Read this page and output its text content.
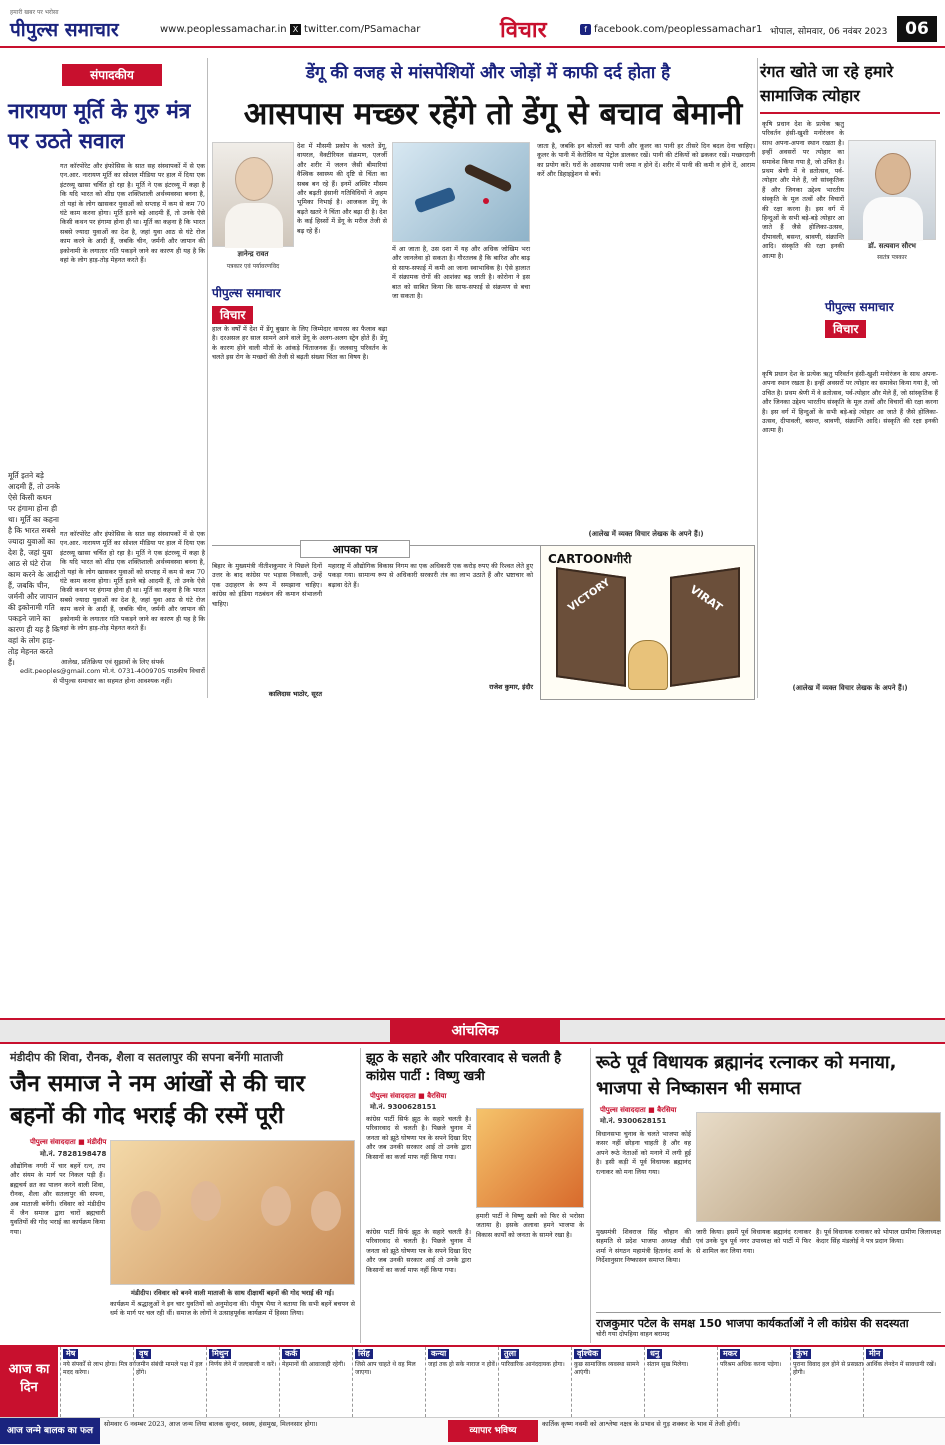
हमारी खबर पर भरोसा
पीपुल्स समाचार	www.peoplessamachar.in X twitter.com/PSamachar	विचार	f facebook.com/peoplessamachar1 भोपाल, सोमवार, 06 नवंबर 2023	06
संपादकीय
नारायण मूर्ति के गुरु मंत्र पर उठते सवाल
गत कॉरपोरेट और इंफोसिस के सात सह संस्थापकों में से एक एन.आर. नारायण मूर्ति का सोशल मीडिया पर हाल में दिया एक इंटरव्यू खासा चर्चित हो रहा है। मूर्ति ने एक इंटरव्यू में कहा है कि यदि भारत को शीघ्र एक शक्तिशाली अर्थव्यवस्था बनना है, तो यहां के लोग खासकर युवाओं को सप्ताह में कम से कम 70 घंटे काम करना होगा। मूर्ति इतने बड़े आदमी हैं, तो उनके ऐसे किसी कथन पर हंगामा होना ही था। मूर्ति का कहना है कि भारत सबसे ज्यादा युवाओं का देश है, जहां युवा आठ से घंटे रोज काम करने के आदी हैं, जबकि चीन, जर्मनी और जापान की इकोनामी के लगातार गति पकड़ने जाने का कारण ही यह है कि वहां के लोग हाड़-तोड़ मेहनत करते हैं।
मूर्ति इतने बड़े आदमी हैं, तो उनके ऐसे किसी कथन पर हंगामा होना ही था। मूर्ति का कहना है कि भारत सबसे ज्यादा युवाओं का देश है, जहां युवा आठ से घंटे रोज काम करने के आदी हैं, जबकि चीन, जर्मनी और जापान की इकोनामी गति पकड़ने जाने का कारण ही यह है कि वहां के लोग हाड़-तोड़ मेहनत करते हैं।
गत कॉरपोरेट और इंफोसिस के सात सह संस्थापकों में से एक एन.आर. नारायण मूर्ति का सोशल मीडिया पर हाल में दिया एक इंटरव्यू खासा चर्चित हो रहा है। मूर्ति ने एक इंटरव्यू में कहा है कि यदि भारत को शीघ्र एक शक्तिशाली अर्थव्यवस्था बनना है, तो यहां के लोग खासकर युवाओं को सप्ताह में कम से कम 70 घंटे काम करना होगा। मूर्ति इतने बड़े आदमी हैं, तो उनके ऐसे किसी कथन पर हंगामा होना ही था। मूर्ति का कहना है कि भारत सबसे ज्यादा युवाओं का देश है, जहां युवा आठ से घंटे रोज काम करने के आदी हैं, जबकि चीन, जर्मनी और जापान की इकोनामी के लगातार गति पकड़ने जाने का कारण ही यह है कि वहां के लोग हाड़-तोड़ मेहनत करते हैं।
आलेख, प्रतिक्रिया एवं सुझावों के लिए संपर्क edit.peoples@gmail.com मो.नं. 0731-4009705 पाठकीय विचारों से पीपुल्स समाचार का सहमत होना आवश्यक नहीं।
डेंगू की वजह से मांसपेशियों और जोड़ों में काफी दर्द होता है
आसपास मच्छर रहेंगे तो डेंगू से बचाव बेमानी
ज्ञानेन्द्र रावत
पत्रकार एवं पर्यावरणविद
देश में मौसमी प्रकोप के चलते डेंगू, वायरल, वैक्टीरियल संक्रमण, एलर्जी और शरीर में जलन जैसी बीमारियां वैश्विक स्वास्थ्य की दृष्टि से चिंता का सबब बन रहे हैं। इनमें अस्थिर मौसम और बढ़ती इंसानी गतिविधियों ने अहम भूमिका निभाई है। आजकल डेंगू के बढ़ते खतरे ने चिंता और बढ़ा दी है। देश के कई हिस्सों में डेंगू के मरीज तेजी से बढ़ रहे हैं।
पीपुल्स समाचार
विचार
हाल के वर्षों में देश में डेंगू बुखार के लिए जिम्मेदार वायरस का फैलाव बढ़ा है। दरअसल हर साल सामने आने वाले डेंगू के अलग-अलग स्ट्रेन होते हैं। डेंगू के कारण होने वाली मौतों के आंकड़े चिंताजनक हैं। जलवायु परिवर्तन के चलते इस रोग के मच्छरों की तेजी से बढ़ती संख्या चिंता का विषय है।
में आ जाता है, उस दशा में यह और अधिक जोखिम भरा और जानलेवा हो सकता है। गौरतलब है कि बारिश और बाढ़ से साफ-सफाई में कमी आ जाना स्वाभाविक है। ऐसे हालात में संक्रामक रोगों की आशंका बढ़ जाती है। कोरोना ने इस बात को साबित किया कि साफ-सफाई से संक्रमण से बचा जा सकता है।
जाता है, जबकि इन बोतलों का पानी और कूलर का पानी हर तीसरे दिन बदल देना चाहिए। कूलर के पानी में केरोसिन या पेट्रोल डालकर रखें। पानी की टंकियों को ढककर रखें। मच्छरदानी का प्रयोग करें। घरों के आसपास पानी जमा न होने दें। शरीर में पानी की कमी न होने दें, आराम करें और डिहाइड्रेशन से बचें।
(आलेख में व्यक्त विचार लेखक के अपने हैं।)
रंगत खोते जा रहे हमारे सामाजिक त्योहार
डॉ. सत्यवान सौरभ
स्वतंत्र पत्रकार
पीपुल्स समाचार
विचार
कृषि प्रधान देश के प्रत्येक ऋतु परिवर्तन हंसी-खुशी मनोरंजन के साथ अपना-अपना स्थान रखता है। इन्हीं अवसरों पर त्योहार का समावेश किया गया है, जो उचित है। प्रथम श्रेणी में वे व्रतोत्सव, पर्व-त्योहार और मेले हैं, जो सांस्कृतिक हैं और जिनका उद्देश्य भारतीय संस्कृति के मूल तत्वों और विचारों की रक्षा करना है। इस वर्ग में हिन्दुओं के सभी बड़े-बड़े त्योहार आ जाते हैं जैसे होलिका-उत्सव, दीपावली, बसन्त, श्रावणी, संक्रान्ति आदि। संस्कृति की रक्षा इनकी आत्मा है।
कृषि प्रधान देश के प्रत्येक ऋतु परिवर्तन हंसी-खुशी मनोरंजन के साथ अपना-अपना स्थान रखता है। इन्हीं अवसरों पर त्योहार का समावेश किया गया है, जो उचित है। प्रथम श्रेणी में वे व्रतोत्सव, पर्व-त्योहार और मेले हैं, जो सांस्कृतिक हैं और जिनका उद्देश्य भारतीय संस्कृति के मूल तत्वों और विचारों की रक्षा करना है। इस वर्ग में हिन्दुओं के सभी बड़े-बड़े त्योहार आ जाते हैं जैसे होलिका-उत्सव, दीपावली, बसन्त, श्रावणी, संक्रान्ति आदि। संस्कृति की रक्षा इनकी आत्मा है।
(आलेख में व्यक्त विचार लेखक के अपने हैं।)
आपका पत्र
बिहार के मुख्यमंत्री नीतीशकुमार ने पिछले दिनों उत्तर के बाद कांग्रेस पर भड़ास निकाली, उन्हें एक उदाहरण के रूप में समझाना चाहिए। कांग्रेस को इंडिया गठबंधन की कमान संभालनी चाहिए।
कालिदास भाठोर, सूरत
महाराष्ट्र में औद्योगिक विकास निगम का एक अधिकारी एक करोड़ रुपए की रिश्वत लेते हुए पकड़ा गया। सामान्य रूप से अधिकारी सरकारी तंत्र का लाभ उठाते हैं और भ्रष्टाचार को बढ़ावा देते हैं।
राजेश कुमार, इंदौर
CARTOONगीरी
VICTORY	VIRAT
आंचलिक
मंडीदीप की शिवा, रौनक, शैला व सतलापुर की सपना बनेंगी माताजी
जैन समाज ने नम आंखों से की चार बहनों की गोद भराई की रस्में पूरी
पीपुल्स संवाददाता ■ मंडीदीप
मो.नं. 7828198478
औद्योगिक नगरी में चार बहनें रत्न, तप और संयम के मार्ग पर निकल पड़ी हैं। ब्रह्मचर्य व्रत का पालन करने वाली शिवा, रौनक, शैला और सतलापुर की सपना, अब माताजी बनेंगी। रविवार को मंडीदीप में जैन समाज द्वारा चारों ब्रह्मचारी युवतियों की गोद भराई का कार्यक्रम किया गया।
मंडीदीप। रविवार को बनने वाली माताजी के साथ दीक्षार्थी बहनों की गोद भराई की गई।
कार्यक्रम में श्रद्धालुओं ने इन चार युवतियों को अनुमोदना की। पीयूष भैया ने बताया कि सभी बहनें बचपन से धर्म के मार्ग पर चल रही थीं। समाज के लोगों ने उत्साहपूर्वक कार्यक्रम में हिस्सा लिया।
झूठ के सहारे और परिवारवाद से चलती है कांग्रेस पार्टी : विष्णु खत्री
पीपुल्स संवाददाता ■ बैरसिया
मो.नं. 9300628151
कांग्रेस पार्टी सिर्फ झूठ के सहारे चलती है। परिवारवाद से चलती है। पिछले चुनाव में जनता को झूठे घोषणा पत्र के सपने दिखा दिए और जब उनकी सरकार आई तो उनके द्वारा किसानों का कर्जा माफ नहीं किया गया।
हमारी पार्टी ने विष्णु खत्री को फिर से भरोसा जताया है। इसके अलावा हमने भाजपा के विकास कार्यों को जनता के सामने रखा है।
कांग्रेस पार्टी सिर्फ झूठ के सहारे चलती है। परिवारवाद से चलती है। पिछले चुनाव में जनता को झूठे घोषणा पत्र के सपने दिखा दिए और जब उनकी सरकार आई तो उनके द्वारा किसानों का कर्जा माफ नहीं किया गया।
रूठे पूर्व विधायक ब्रह्मानंद रत्नाकर को मनाया, भाजपा से निष्कासन भी समाप्त
पीपुल्स संवाददाता ■ बैरसिया
मो.नं. 9300628151
विधानसभा चुनाव के चलते भाजपा कोई कसर नहीं छोड़ना चाहती है और वह अपने रूठे नेताओं को मनाने में लगी हुई है। इसी कड़ी में पूर्व विधायक ब्रह्मानंद रत्नाकर को मना लिया गया।
मुख्यमंत्री शिवराज सिंह चौहान की सहमति से प्रदेश भाजपा अध्यक्ष वीडी शर्मा ने संगठन महामंत्री हितानंद शर्मा के निर्देशानुसार निष्कासन समाप्त किया।
जारी किया। इसमें पूर्व विधायक ब्रह्मानंद रत्नाकर एवं उनके पुत्र पूर्व नगर उपाध्यक्ष को पार्टी में फिर से शामिल कर लिया गया।
है। पूर्व विधायक रत्नाकर को भोपाल ग्रामीण जिलाध्यक्ष केदार सिंह मंडलोई ने पत्र प्रदान किया।
राजकुमार पटेल के समक्ष 150 भाजपा कार्यकर्ताओं ने ली कांग्रेस की सदस्यता
चोरी गया दोपहिया वाहन बरामद
आज का दिन
मेष
नये संपर्कों से लाभ होगा। मित्र वर्ग मदद करेगा।
वृष
जमीन संबंधी मामले पक्ष में हल होंगे।
मिथुन
निर्णय लेने में जल्दबाजी न करें।
कर्क
मेहमानों की आवाजाही रहेगी।
सिंह
जिसे आप चाहते थे वह मिल जाएगा।
कन्या
जहां तक हो सके नाराज न होवें।
तुला
पारिवारिक आनंददायक होगा।
वृश्चिक
कुछ सामाजिक व्यवस्था सामने आएंगी।
धनु
संतान सुख मिलेगा।
मकर
परिश्रम अधिक करना पड़ेगा।
कुंभ
पुराना विवाद हल होने से प्रसन्नता होगी।
मीन
आर्थिक लेनदेन में सावधानी रखें।
आज जन्मे बालक का फल
सोमवार 6 नवम्बर 2023, आज जन्म लिया बालक सुन्दर, स्वस्थ, हंसमुख, मिलनसार होगा।
व्यापार भविष्य
कार्तिक कृष्ण नवमी को आश्लेषा नक्षत्र के प्रभाव से गुड़ शक्कर के भाव में तेजी होगी।
